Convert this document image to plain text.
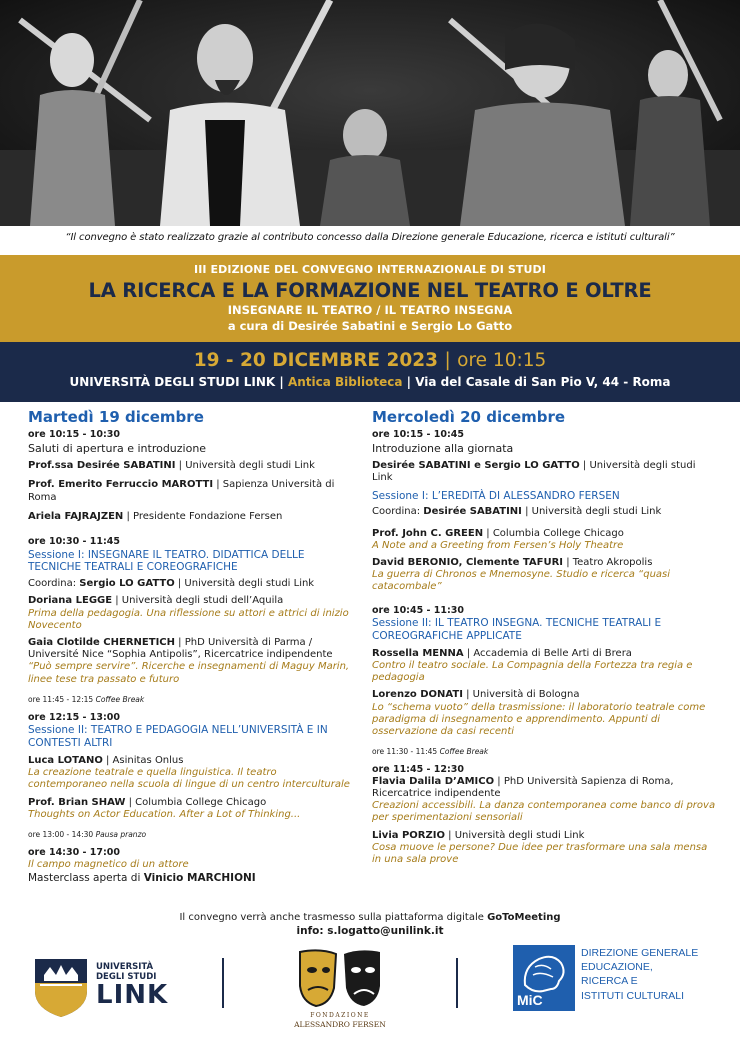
“Il convegno è stato realizzato grazie al contributo concesso dalla Direzione generale Educazione, ricerca e istituti culturali”
III EDIZIONE DEL CONVEGNO INTERNAZIONALE DI STUDI
LA RICERCA E LA FORMAZIONE NEL TEATRO E OLTRE
INSEGNARE IL TEATRO / IL TEATRO INSEGNA
a cura di Desirée Sabatini e Sergio Lo Gatto
19 - 20 DICEMBRE 2023 | ore 10:15
UNIVERSITÀ DEGLI STUDI LINK | Antica Biblioteca | Via del Casale di San Pio V, 44 - Roma
Martedì 19 dicembre
ore 10:15 - 10:30
Saluti di apertura e introduzione
Prof.ssa Desirée SABATINI | Università degli studi Link
Prof. Emerito Ferruccio MAROTTI | Sapienza Università di Roma
Ariela FAJRAJZEN | Presidente Fondazione Fersen
ore 10:30 - 11:45
Sessione I: INSEGNARE IL TEATRO. DIDATTICA DELLE TECNICHE TEATRALI E COREOGRAFICHE
Coordina: Sergio LO GATTO | Università degli studi Link
Doriana LEGGE | Università degli studi dell’Aquila
Prima della pedagogia. Una riflessione su attori e attrici di inizio Novecento
Gaia Clotilde CHERNETICH | PhD Università di Parma / Université Nice “Sophia Antipolis”, Ricercatrice indipendente
“Può sempre servire”. Ricerche e insegnamenti di Maguy Marin, linee tese tra passato e futuro
ore 11:45 - 12:15 Coffee Break
ore 12:15 - 13:00
Sessione II: TEATRO E PEDAGOGIA NELL’UNIVERSITÀ E IN CONTESTI ALTRI
Luca LOTANO | Asinitas Onlus
La creazione teatrale e quella linguistica. Il teatro contemporaneo nella scuola di lingue di un centro interculturale
Prof. Brian SHAW | Columbia College Chicago
Thoughts on Actor Education. After a Lot of Thinking...
ore 13:00 - 14:30 Pausa pranzo
ore 14:30 - 17:00
Il campo magnetico di un attore
Masterclass aperta di Vinicio MARCHIONI
Mercoledì 20 dicembre
ore 10:15 - 10:45
Introduzione alla giornata
Desirée SABATINI e Sergio LO GATTO | Università degli studi Link
Sessione I: L’EREDITÀ DI ALESSANDRO FERSEN
Coordina: Desirée SABATINI | Università degli studi Link
Prof. John C. GREEN | Columbia College Chicago
A Note and a Greeting from Fersen’s Holy Theatre
David BERONIO, Clemente TAFURI | Teatro Akropolis
La guerra di Chronos e Mnemosyne. Studio e ricerca “quasi catacombale”
ore 10:45 - 11:30
Sessione II: IL TEATRO INSEGNA. TECNICHE TEATRALI E COREOGRAFICHE APPLICATE
Rossella MENNA | Accademia di Belle Arti di Brera
Contro il teatro sociale. La Compagnia della Fortezza tra regia e pedagogia
Lorenzo DONATI | Università di Bologna
Lo “schema vuoto” della trasmissione: il laboratorio teatrale come paradigma di insegnamento e apprendimento. Appunti di osservazione da casi recenti
ore 11:30 - 11:45 Coffee Break
ore 11:45 - 12:30
Flavia Dalila D’AMICO | PhD Università Sapienza di Roma, Ricercatrice indipendente
Creazioni accessibili. La danza contemporanea come banco di prova per sperimentazioni sensoriali
Livia PORZIO | Università degli studi Link
Cosa muove le persone? Due idee per trasformare una sala mensa in una sala prove
Il convegno verrà anche trasmesso sulla piattaforma digitale GoToMeeting
info: s.logatto@unilink.it
UNIVERSITÀ
DEGLI STUDI
LINK
FONDAZIONE
ALESSANDRO FERSEN
MiC
DIREZIONE GENERALE
EDUCAZIONE,
RICERCA E
ISTITUTI CULTURALI
